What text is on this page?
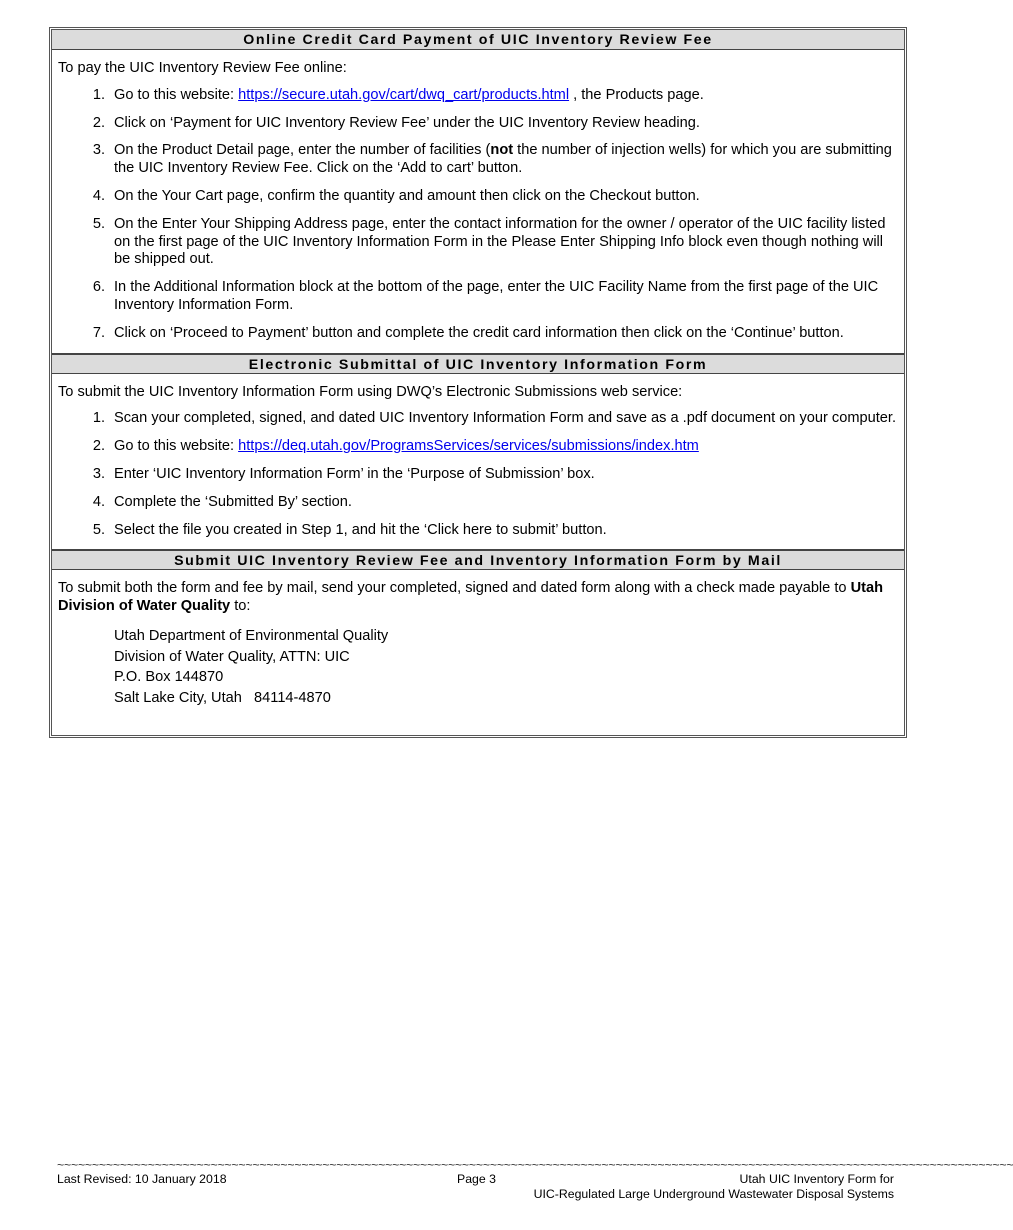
Online Credit Card Payment of UIC Inventory Review Fee

To pay the UIC Inventory Review Fee online:

1. Go to this website: https://secure.utah.gov/cart/dwq_cart/products.html , the Products page.
2. Click on ‘Payment for UIC Inventory Review Fee’ under the UIC Inventory Review heading.
3. On the Product Detail page, enter the number of facilities (not the number of injection wells) for which you are submitting the UIC Inventory Review Fee. Click on the ‘Add to cart’ button.
4. On the Your Cart page, confirm the quantity and amount then click on the Checkout button.
5. On the Enter Your Shipping Address page, enter the contact information for the owner / operator of the UIC facility listed on the first page of the UIC Inventory Information Form in the Please Enter Shipping Info block even though nothing will be shipped out.
6. In the Additional Information block at the bottom of the page, enter the UIC Facility Name from the first page of the UIC Inventory Information Form.
7. Click on ‘Proceed to Payment’ button and complete the credit card information then click on the ‘Continue’ button.
Electronic Submittal of UIC Inventory Information Form

To submit the UIC Inventory Information Form using DWQ’s Electronic Submissions web service:

1. Scan your completed, signed, and dated UIC Inventory Information Form and save as a .pdf document on your computer.
2. Go to this website: https://deq.utah.gov/ProgramsServices/services/submissions/index.htm
3. Enter ‘UIC Inventory Information Form’ in the ‘Purpose of Submission’ box.
4. Complete the ‘Submitted By’ section.
5. Select the file you created in Step 1, and hit the ‘Click here to submit’ button.
Submit UIC Inventory Review Fee and Inventory Information Form by Mail

To submit both the form and fee by mail, send your completed, signed and dated form along with a check made payable to Utah Division of Water Quality to:

Utah Department of Environmental Quality
Division of Water Quality, ATTN: UIC
P.O. Box 144870
Salt Lake City, Utah   84114-4870
~~~~~~~~~~~~~~~~~~~~~~~~~~~~~~~~~~~~~~~~~~~~~~~~~~~~~~~~~~~~~~~~~~~~~~~~~~~~~~~~~~~~~~~~~~~~~~~~~~~~~~~~~~~~~~~~~~~~~~~~~~~~~~~~~~~~~~~~~
Last Revised: 10 January 2018	Page 3	Utah UIC Inventory Form for
UIC-Regulated Large Underground Wastewater Disposal Systems
